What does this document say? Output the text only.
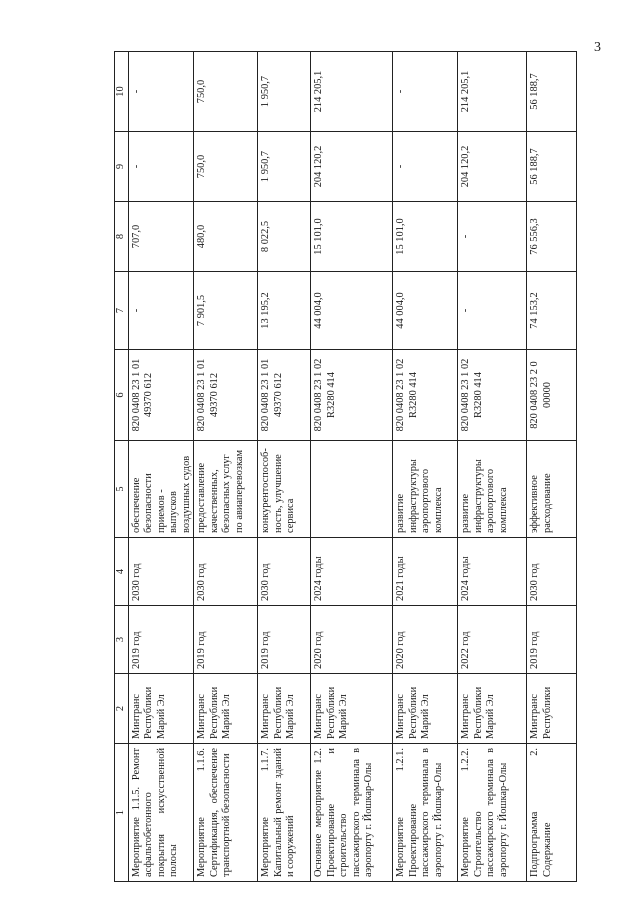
3
1	2	3	4	5	6	7	8	9	10
Мероприятие 1.1.5. Ремонт асфальтобетонного покрытия искусственной полосы	Минтранс Республики Марий Эл	2019 год	2030 год	обеспечение безопасности приемов - выпусков воздушных судов	820 0408 23 1 01 49370 612	-	707,0	-	-
Мероприятие 1.1.6. Сертификация, обеспечение транспортной безопасности	Минтранс Республики Марий Эл	2019 год	2030 год	предоставление качественных, безопасных услуг по авиаперевозкам	820 0408 23 1 01 49370 612	7 901,5	480,0	750,0	750,0
Мероприятие 1.1.7. Капитальный ремонт зданий и сооружений	Минтранс Республики Марий Эл	2019 год	2030 год	конкурентоспособ-ность, улучшение сервиса	820 0408 23 1 01 49370 612	13 195,2	8 022,5	1 950,7	1 950,7
Основное мероприятие 1.2. Проектирование и строительство пассажирского терминала в аэропорту г. Йошкар-Олы	Минтранс Республики Марий Эл	2020 год	2024 годы		820 0408 23 1 02 R3280 414	44 004,0	15 101,0	204 120,2	214 205,1
Мероприятие 1.2.1. Проектирование пассажирского терминала в аэропорту г. Йошкар-Олы	Минтранс Республики Марий Эл	2020 год	2021 годы	развитие инфраструктуры аэропортового комплекса	820 0408 23 1 02 R3280 414	44 004,0	15 101,0	-	-
Мероприятие 1.2.2. Строительство пассажирского терминала в аэропорту г. Йошкар-Олы	Минтранс Республики Марий Эл	2022 год	2024 годы	развитие инфраструктуры аэропортового комплекса	820 0408 23 1 02 R3280 414	-	-	204 120,2	214 205,1
Подпрограмма 2. Содержание	Минтранс Республики	2019 год	2030 год	эффективное расходование	820 0408 23 2 0 00000	74 153,2	76 556,3	56 188,7	56 188,7
